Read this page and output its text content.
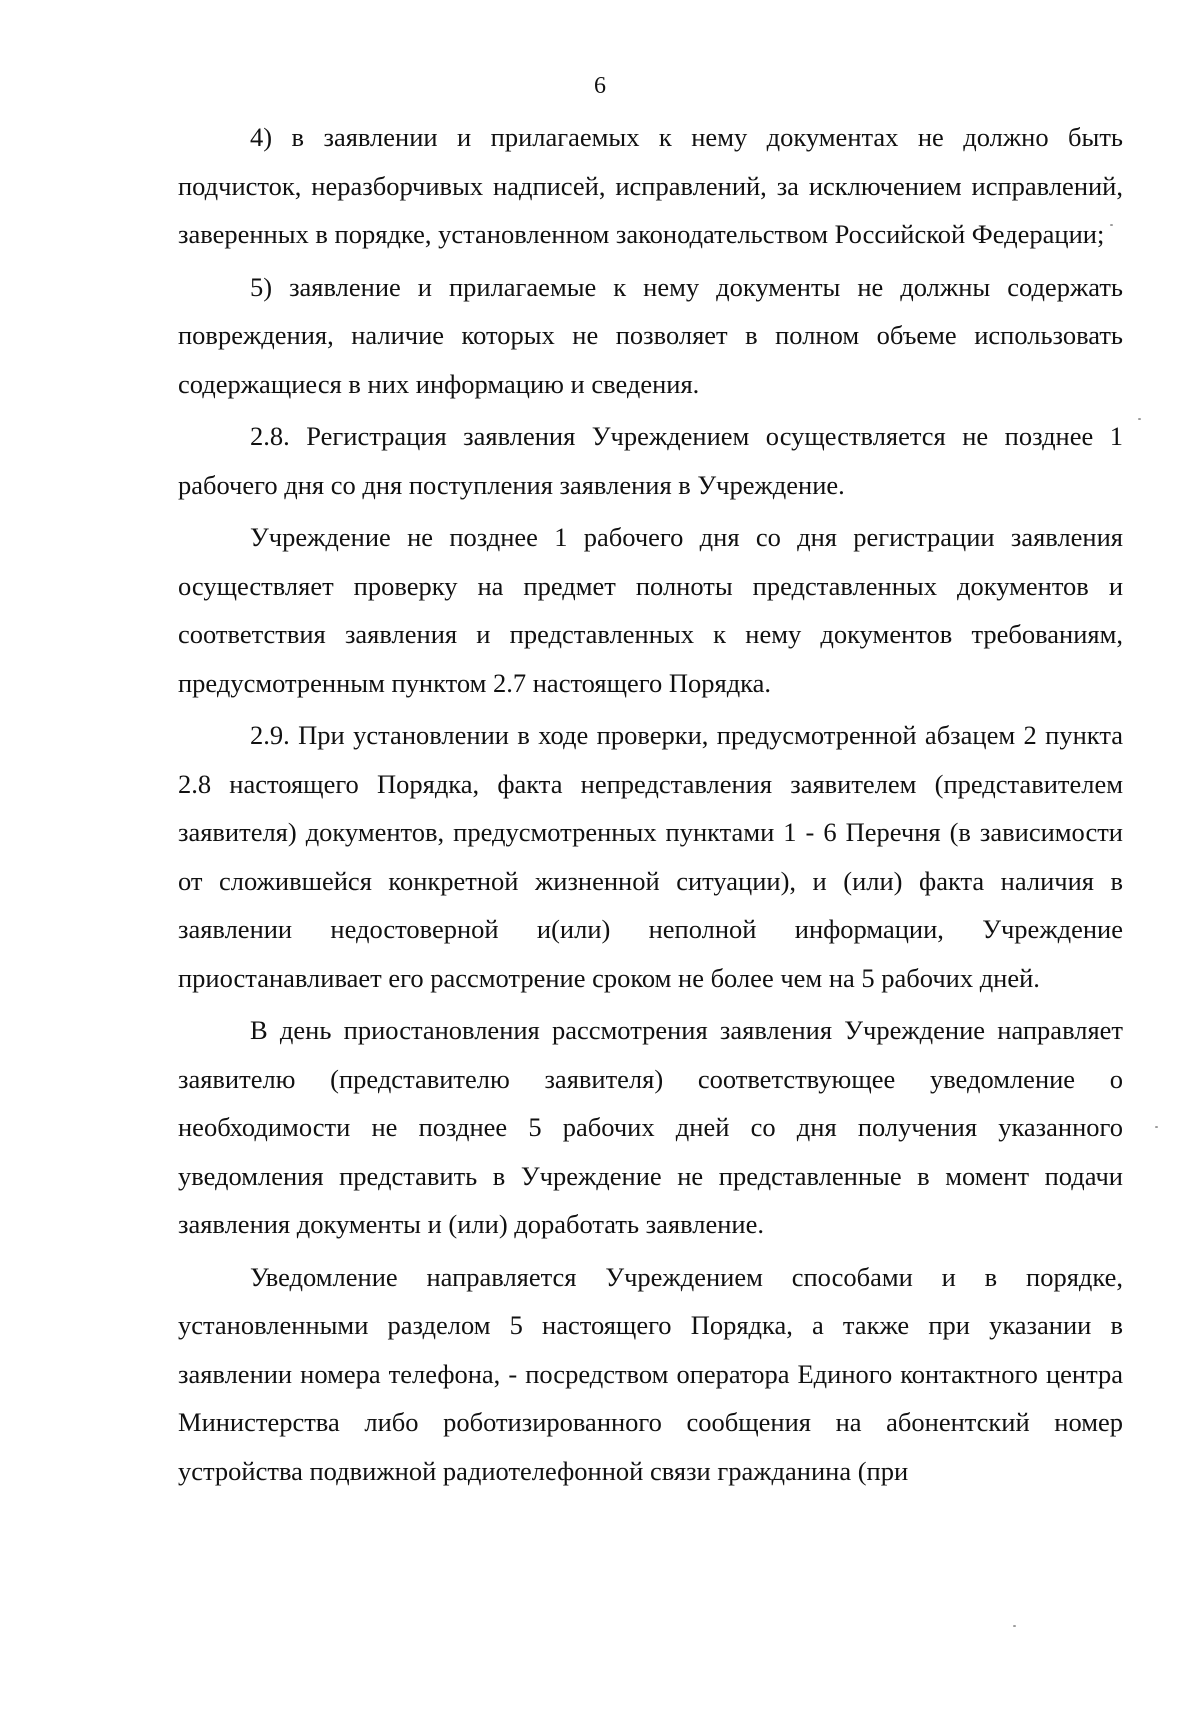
6

4) в заявлении и прилагаемых к нему документах не должно быть подчисток, неразборчивых надписей, исправлений, за исключением исправлений, заверенных в порядке, установленном законодательством Российской Федерации;

5) заявление и прилагаемые к нему документы не должны содержать повреждения, наличие которых не позволяет в полном объеме использовать содержащиеся в них информацию и сведения.

2.8. Регистрация заявления Учреждением осуществляется не позднее 1 рабочего дня со дня поступления заявления в Учреждение.

Учреждение не позднее 1 рабочего дня со дня регистрации заявления осуществляет проверку на предмет полноты представленных документов и соответствия заявления и представленных к нему документов требованиям, предусмотренным пунктом 2.7 настоящего Порядка.

2.9. При установлении в ходе проверки, предусмотренной абзацем 2 пункта 2.8 настоящего Порядка, факта непредставления заявителем (представителем заявителя) документов, предусмотренных пунктами 1 - 6 Перечня (в зависимости от сложившейся конкретной жизненной ситуации), и (или) факта наличия в заявлении недостоверной и(или) неполной информации, Учреждение приостанавливает его рассмотрение сроком не более чем на 5 рабочих дней.

В день приостановления рассмотрения заявления Учреждение направляет заявителю (представителю заявителя) соответствующее уведомление о необходимости не позднее 5 рабочих дней со дня получения указанного уведомления представить в Учреждение не представленные в момент подачи заявления документы и (или) доработать заявление.

Уведомление направляется Учреждением способами и в порядке, установленными разделом 5 настоящего Порядка, а также при указании в заявлении номера телефона, - посредством оператора Единого контактного центра Министерства либо роботизированного сообщения на абонентский номер устройства подвижной радиотелефонной связи гражданина (при
